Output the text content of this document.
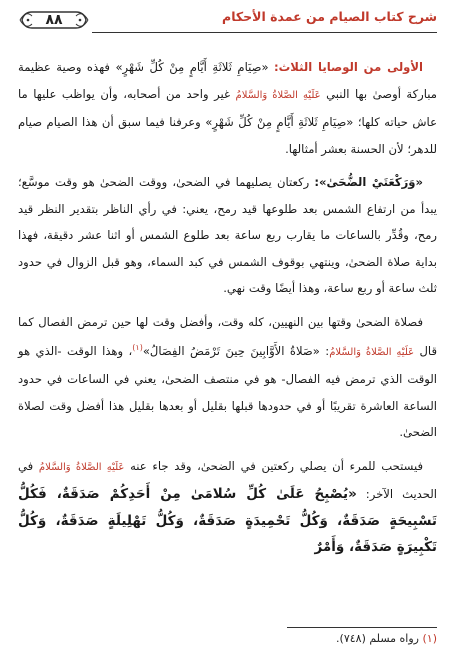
٨٨	شرح كتاب الصيام من عمدة الأحكام

الأولى من الوصايا الثلاث: «صِيَامِ ثَلاثَةِ أَيَّامٍ مِنْ كُلِّ شَهْرٍ» فهذه وصية عظيمة مباركة أوصىٰ بها النبي عَلَيْهِ الصَّلاةُ وَالسَّلامُ غير واحد من أصحابه، وأن يواظب عليها ما عاش حياته كلها؛ «صِيَامِ ثَلاثَةِ أَيَّامٍ مِنْ كُلِّ شَهْرٍ» وعرفنا فيما سبق أن هذا الصيام صيام للدهر؛ لأن الحسنة بعشر أمثالها.

«وَرَكْعَتَيْ الضُّحَىٰ»: ركعتان يصليهما في الضحىٰ، ووقت الضحىٰ هو وقت موسَّع؛ يبدأ من ارتفاع الشمس بعد طلوعها قيد رمح، يعني: في رأي الناظر بتقدير النظر قيد رمح، وقُدِّر بالساعات ما يقارب ربع ساعة بعد طلوع الشمس أو اثنا عشر دقيقة، فهذا بداية صلاة الضحىٰ، وينتهي بوقوف الشمس في كبد السماء، وهو قبل الزوال في حدود ثلث ساعة أو ربع ساعة، وهذا أيضًا وقت نهي.

فصلاة الضحىٰ وقتها بين النهيين، كله وقت، وأفضل وقت لها حين ترمض الفصال كما قال عَلَيْهِ الصَّلاةُ وَالسَّلامُ: «صَلاةُ الأَوَّابِينَ حِينَ تَرْمَضُ الفِصَالُ»$^{(١)}$، وهذا الوقت -الذي هو الوقت الذي ترمض فيه الفصال- هو في منتصف الضحىٰ، يعني في الساعات في حدود الساعة العاشرة تقريبًا أو في حدودها قبلها بقليل أو بعدها بقليل هذا أفضل وقت لصلاة الضحىٰ.

فيستحب للمرء أن يصلي ركعتين في الضحىٰ، وقد جاء عنه عَلَيْهِ الصَّلاةُ وَالسَّلامُ في الحديث الآخر: «يُصْبِحُ عَلَىٰ كُلِّ سُلامَىٰ مِنْ أَحَدِكُمْ صَدَقَةٌ، فَكُلُّ تَسْبِيحَةٍ صَدَقَةٌ، وَكُلُّ تَحْمِيدَةٍ صَدَقَةٌ، وَكُلُّ تَهْلِيلَةٍ صَدَقَةٌ، وَكُلُّ تَكْبِيرَةٍ صَدَقَةٌ، وَأَمْرٌ

(١) رواه مسلم (٧٤٨).
